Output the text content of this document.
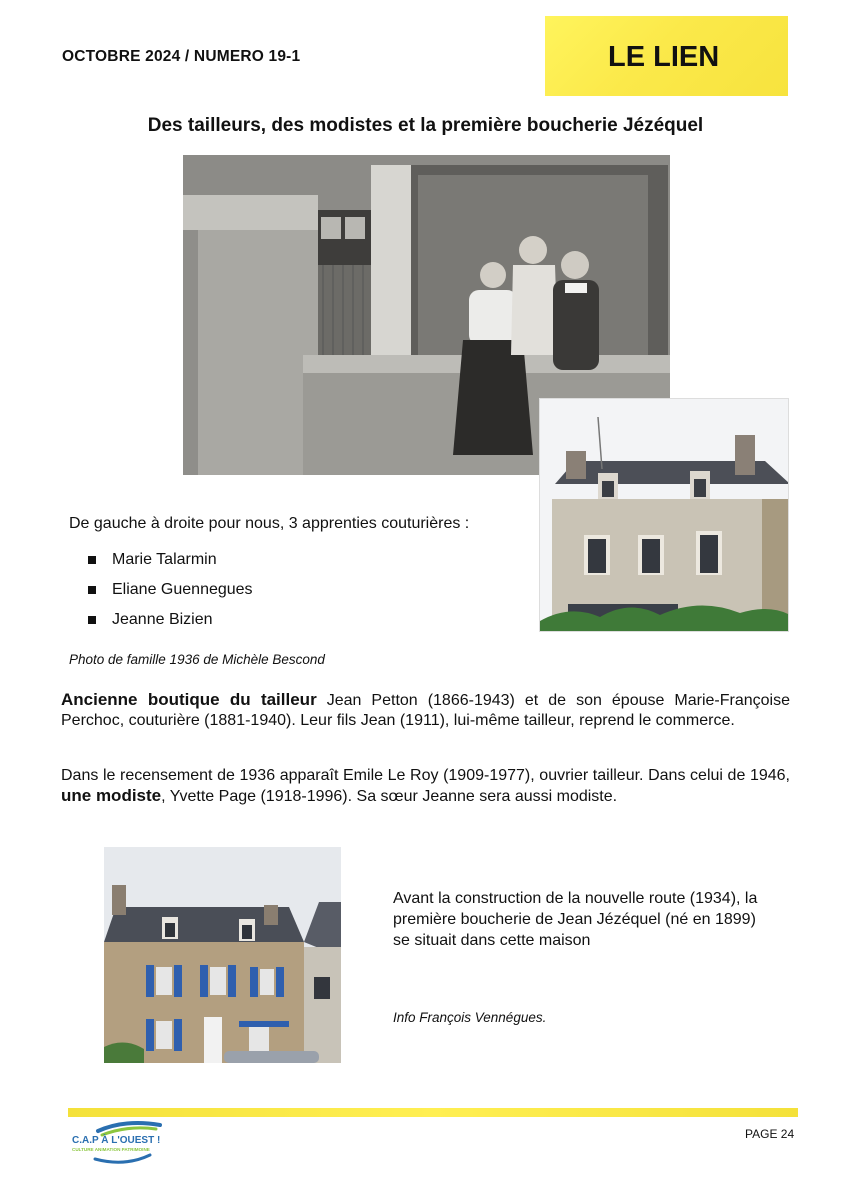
OCTOBRE 2024 / NUMERO 19-1	LE LIEN
Des tailleurs, des modistes et la première boucherie Jézéquel
De gauche à droite pour nous, 3 apprenties couturières :
Marie Talarmin
Eliane Guennegues
Jeanne Bizien
Photo de famille 1936 de Michèle Bescond

Ancienne boutique du tailleur Jean Petton (1866-1943) et de son épouse Marie-Françoise Perchoc, couturière (1881-1940). Leur fils Jean (1911), lui-même tailleur, reprend le commerce.

Dans le recensement de 1936 apparaît Emile Le Roy (1909-1977), ouvrier tailleur. Dans celui de 1946, une modiste, Yvette Page (1918-1996). Sa sœur Jeanne sera aussi modiste.

Avant la construction de la nouvelle route (1934), la première boucherie de Jean Jézéquel (né en 1899) se situait dans cette maison
Info François Vennégues.
C.A.P À L'OUEST !
CULTURE ANIMATION PATRIMOINE
PAGE 24
